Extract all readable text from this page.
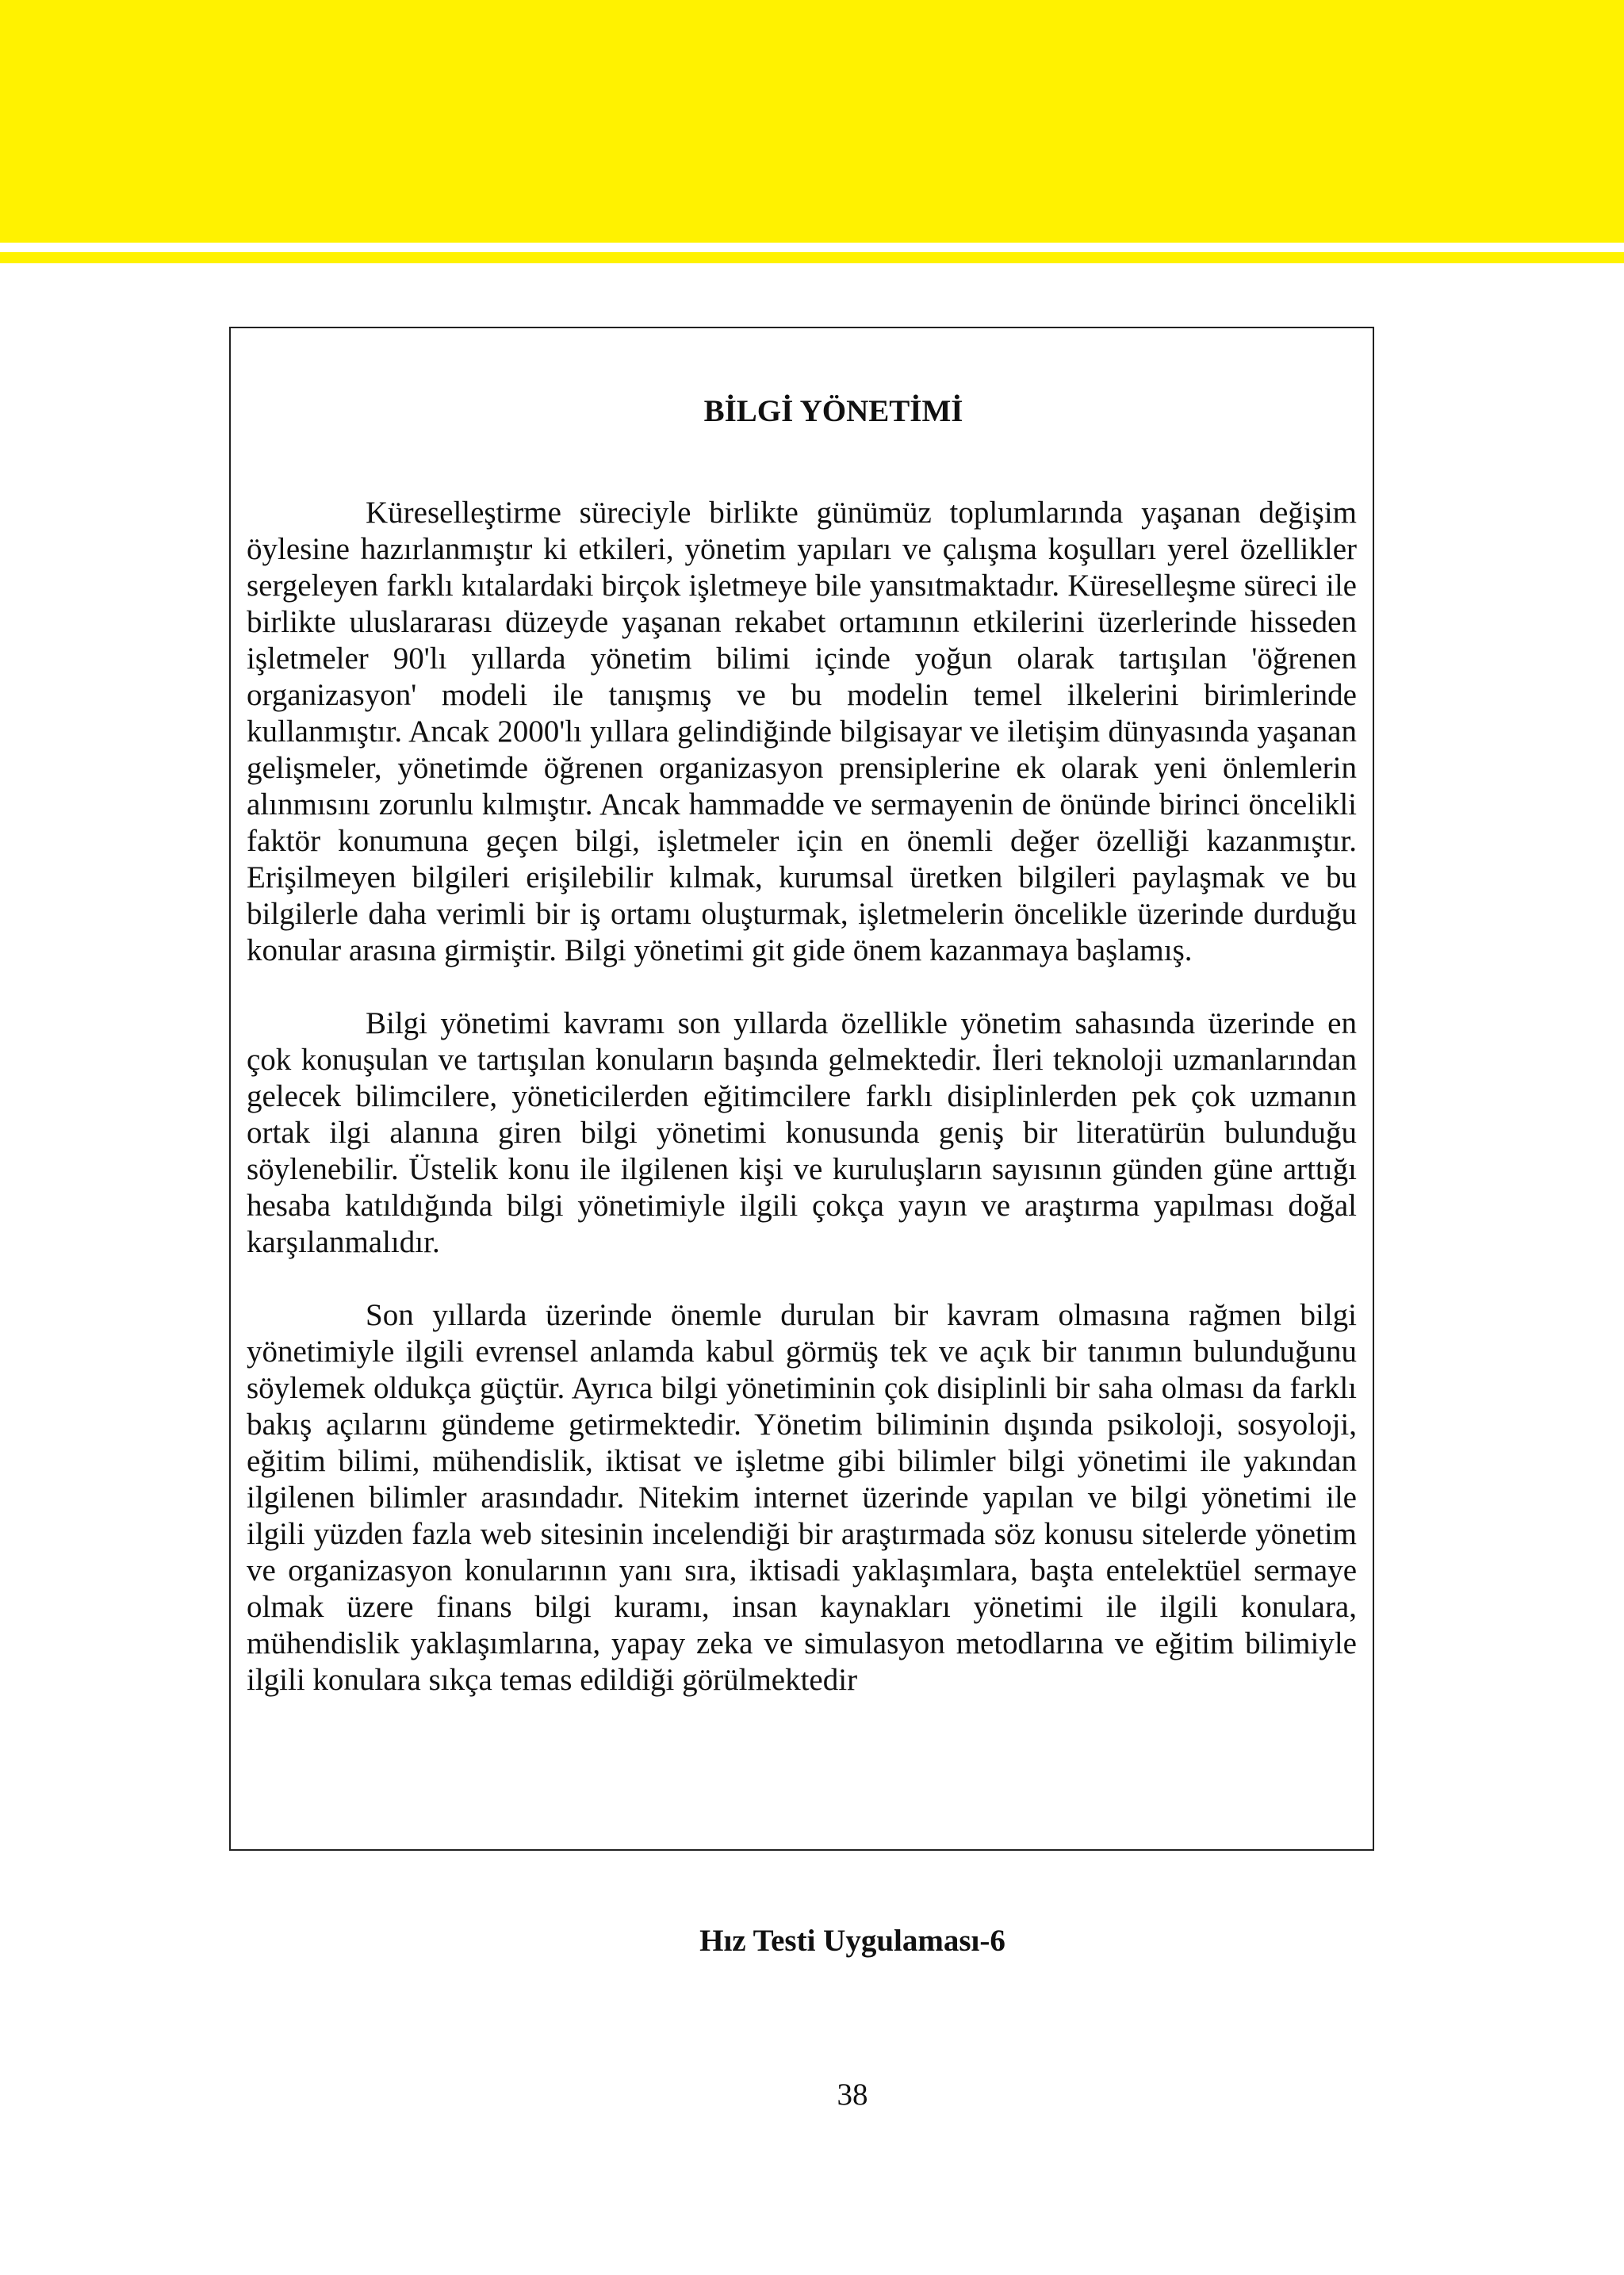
BİLGİ YÖNETİMİ

Küreselleştirme süreciyle birlikte günümüz toplumlarında yaşanan değişim öylesine hazırlanmıştır ki etkileri, yönetim yapıları ve çalışma koşulları yerel özellikler sergeleyen farklı kıtalardaki birçok işletmeye bile yansıtmaktadır. Küreselleşme süreci ile birlikte uluslararası düzeyde yaşanan rekabet ortamının etkilerini üzerlerinde hisseden işletmeler 90'lı yıllarda yönetim bilimi içinde yoğun olarak tartışılan 'öğrenen organizasyon' modeli ile tanışmış ve bu modelin temel ilkelerini birimlerinde kullanmıştır. Ancak 2000'lı yıllara gelindiğinde bilgisayar ve iletişim dünyasında yaşanan gelişmeler, yönetimde öğrenen organizasyon prensiplerine ek olarak yeni önlemlerin alınmısını zorunlu kılmıştır. Ancak hammadde ve sermayenin de önünde birinci öncelikli faktör konumuna geçen bilgi, işletmeler için en önemli değer özelliği kazanmıştır. Erişilmeyen bilgileri erişilebilir kılmak, kurumsal üretken bilgileri paylaşmak ve bu bilgilerle daha verimli bir iş ortamı oluşturmak, işletmelerin öncelikle üzerinde durduğu konular arasına girmiştir. Bilgi yönetimi git gide önem kazanmaya başlamış.

Bilgi yönetimi kavramı son yıllarda özellikle yönetim sahasında üzerinde en çok konuşulan ve tartışılan konuların başında gelmektedir. İleri teknoloji uzmanlarından gelecek bilimcilere, yöneticilerden eğitimcilere farklı disiplinlerden pek çok uzmanın ortak ilgi alanına giren bilgi yönetimi konusunda geniş bir literatürün bulunduğu söylenebilir. Üstelik konu ile ilgilenen kişi ve kuruluşların sayısının günden güne arttığı hesaba katıldığında bilgi yönetimiyle ilgili çokça yayın ve araştırma yapılması doğal karşılanmalıdır.

Son yıllarda üzerinde önemle durulan bir kavram olmasına rağmen bilgi yönetimiyle ilgili evrensel anlamda kabul görmüş tek ve açık bir tanımın bulunduğunu söylemek oldukça güçtür. Ayrıca bilgi yönetiminin çok disiplinli bir saha olması da farklı bakış açılarını gündeme getirmektedir. Yönetim biliminin dışında psikoloji, sosyoloji, eğitim bilimi, mühendislik, iktisat ve işletme gibi bilimler bilgi yönetimi ile yakından ilgilenen bilimler arasındadır. Nitekim internet üzerinde yapılan ve bilgi yönetimi ile ilgili yüzden fazla web sitesinin incelendiği bir araştırmada söz konusu sitelerde yönetim ve organizasyon konularının yanı sıra, iktisadi yaklaşımlara, başta entelektüel sermaye olmak üzere finans bilgi kuramı, insan kaynakları yönetimi ile ilgili konulara, mühendislik yaklaşımlarına, yapay zeka ve simulasyon metodlarına ve eğitim bilimiyle ilgili konulara sıkça temas edildiği görülmektedir

Hız Testi Uygulaması-6
38
